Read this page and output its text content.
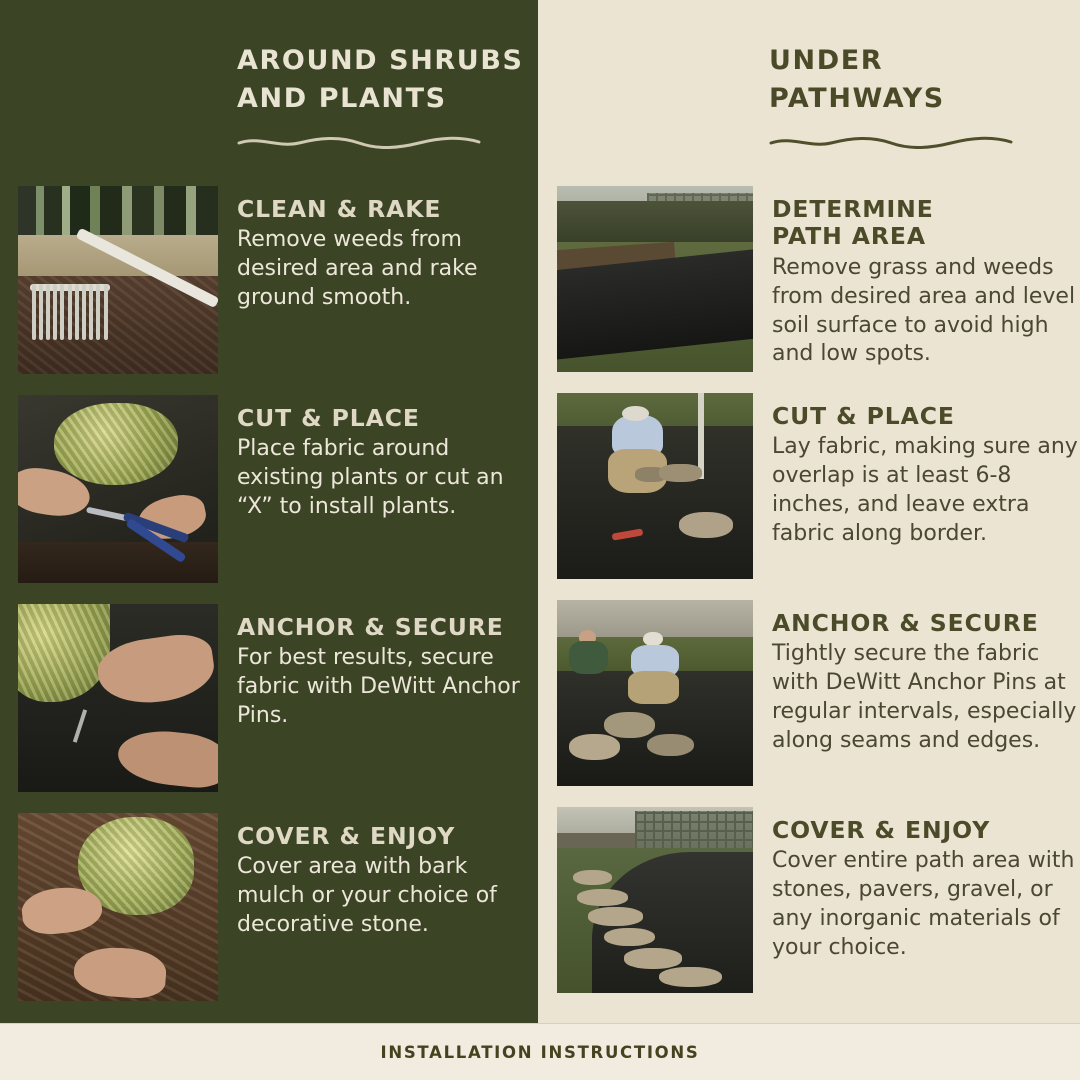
AROUND SHRUBS
AND PLANTS
CLEAN & RAKE

Remove weeds from desired area and rake ground smooth.

CUT & PLACE

Place fabric around existing plants or cut an “X” to install plants.

ANCHOR & SECURE

For best results, secure fabric with DeWitt Anchor Pins.

COVER & ENJOY

Cover area with bark mulch or your choice of decorative stone.

UNDER
PATHWAYS
DETERMINE
PATH AREA

Remove grass and weeds from desired area and level soil surface to avoid high and low spots.

CUT & PLACE

Lay fabric, making sure any overlap is at least 6-8 inches, and leave extra fabric along border.

ANCHOR & SECURE

Tightly secure the fabric with DeWitt Anchor Pins at regular intervals, especially along seams and edges.

COVER & ENJOY

Cover entire path area with stones, pavers, gravel, or any inorganic materials of your choice.

INSTALLATION INSTRUCTIONS
